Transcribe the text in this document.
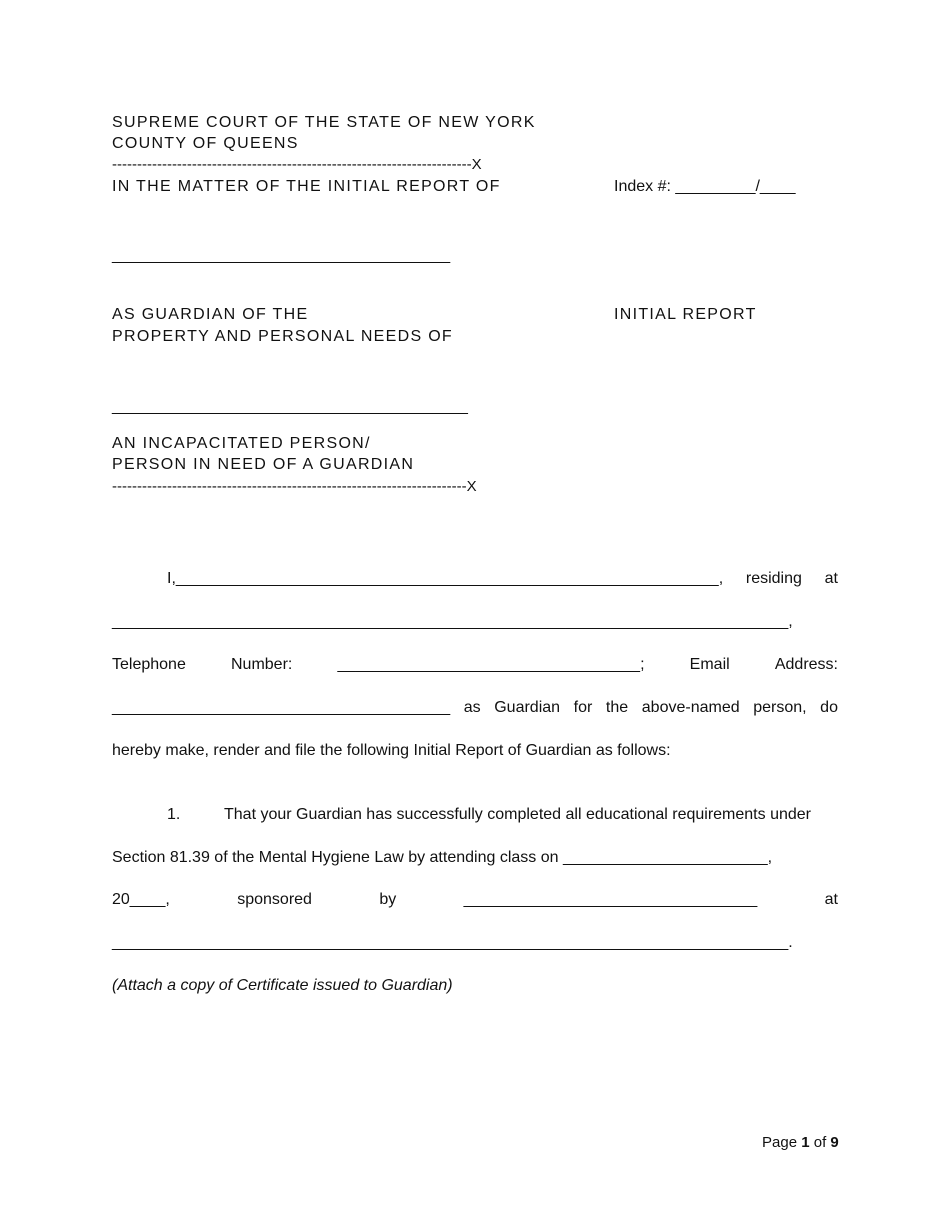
SUPREME COURT OF THE STATE OF NEW YORK
COUNTY OF QUEENS
------------------------------------------------------------------------X
IN THE MATTER OF THE INITIAL REPORT OF	Index #: _________/____
______________________________________
AS GUARDIAN OF THE
PROPERTY AND PERSONAL NEEDS OF
INITIAL REPORT
________________________________________
AN INCAPACITATED PERSON/
PERSON IN NEED OF A GUARDIAN
-----------------------------------------------------------------------X
I,_____________________________________________________________, residing at
____________________________________________________________________________,
Telephone	Number:	__________________________________;	Email	Address:
______________________________________ as Guardian for the above-named person, do
hereby make, render and file the following Initial Report of Guardian as follows:
1.	That your Guardian has successfully completed all educational requirements under
Section 81.39 of the Mental Hygiene Law by attending class on _______________________,
20____,	sponsored	by	_________________________________	at
____________________________________________________________________________.
(Attach a copy of Certificate issued to Guardian)
Page 1 of 9
